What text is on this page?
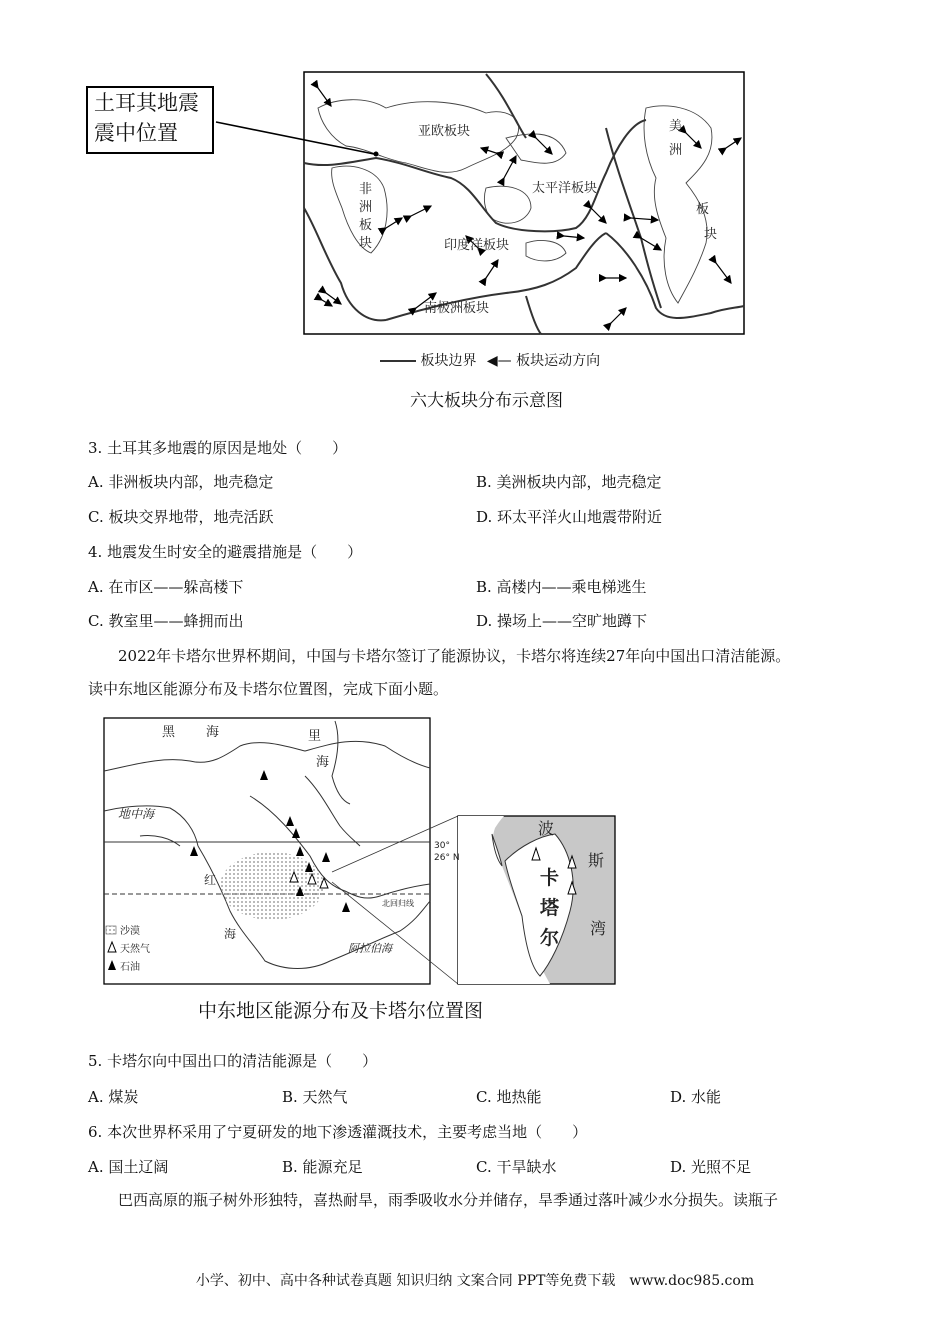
亚欧板块
太平洋板块
印度洋板块
南极洲板块
非
洲
板
块
美
洲
板
块
土耳其地震
震中位置
板块边界 ◀— 板块运动方向
六大板块分布示意图
3. 土耳其多地震的原因是地处（　　）
A. 非洲板块内部，地壳稳定	B. 美洲板块内部，地壳稳定
C. 板块交界地带，地壳活跃	D. 环太平洋火山地震带附近
4. 地震发生时安全的避震措施是（　　）
A. 在市区——躲高楼下	B. 高楼内——乘电梯逃生
C. 教室里——蜂拥而出	D. 操场上——空旷地蹲下
2022年卡塔尔世界杯期间，中国与卡塔尔签订了能源协议，卡塔尔将连续27年向中国出口清洁能源。
读中东地区能源分布及卡塔尔位置图，完成下面小题。
黑 海	里
海
地中海
红
海
阿拉伯海
北回归线
30°
沙漠
天然气
石油
波
斯
湾
卡
塔
尔
26° N
中东地区能源分布及卡塔尔位置图
5. 卡塔尔向中国出口的清洁能源是（　　）
A. 煤炭	B. 天然气	C. 地热能	D. 水能
6. 本次世界杯采用了宁夏研发的地下渗透灌溉技术，主要考虑当地（　　）
A. 国土辽阔	B. 能源充足	C. 干旱缺水	D. 光照不足
巴西高原的瓶子树外形独特，喜热耐旱，雨季吸收水分并储存，旱季通过落叶减少水分损失。读瓶子
小学、初中、高中各种试卷真题 知识归纳 文案合同 PPT等免费下载　www.doc985.com
